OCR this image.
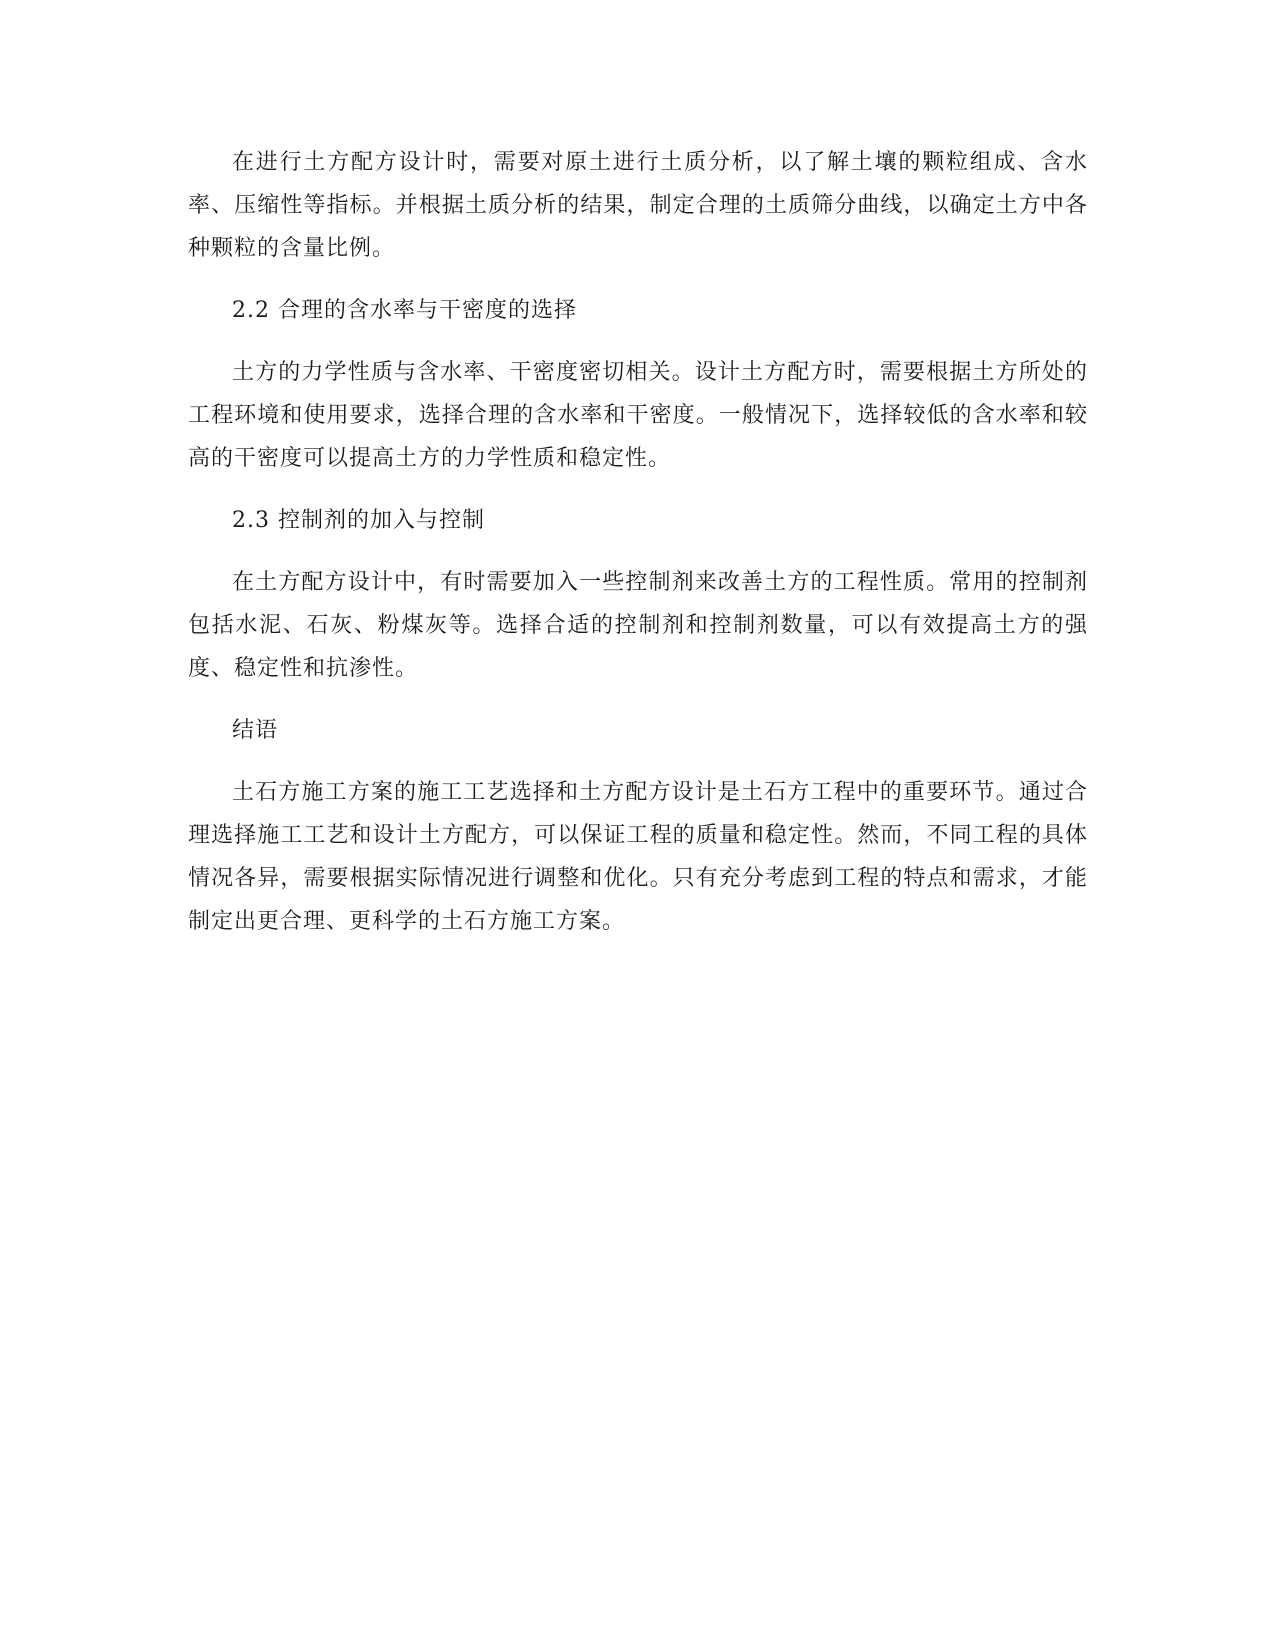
在进行土方配方设计时，需要对原土进行土质分析，以了解土壤的颗粒组成、含水率、压缩性等指标。并根据土质分析的结果，制定合理的土质筛分曲线，以确定土方中各种颗粒的含量比例。

2.2 合理的含水率与干密度的选择

土方的力学性质与含水率、干密度密切相关。设计土方配方时，需要根据土方所处的工程环境和使用要求，选择合理的含水率和干密度。一般情况下，选择较低的含水率和较高的干密度可以提高土方的力学性质和稳定性。

2.3 控制剂的加入与控制

在土方配方设计中，有时需要加入一些控制剂来改善土方的工程性质。常用的控制剂包括水泥、石灰、粉煤灰等。选择合适的控制剂和控制剂数量，可以有效提高土方的强度、稳定性和抗渗性。

结语

土石方施工方案的施工工艺选择和土方配方设计是土石方工程中的重要环节。通过合理选择施工工艺和设计土方配方，可以保证工程的质量和稳定性。然而，不同工程的具体情况各异，需要根据实际情况进行调整和优化。只有充分考虑到工程的特点和需求，才能制定出更合理、更科学的土石方施工方案。
